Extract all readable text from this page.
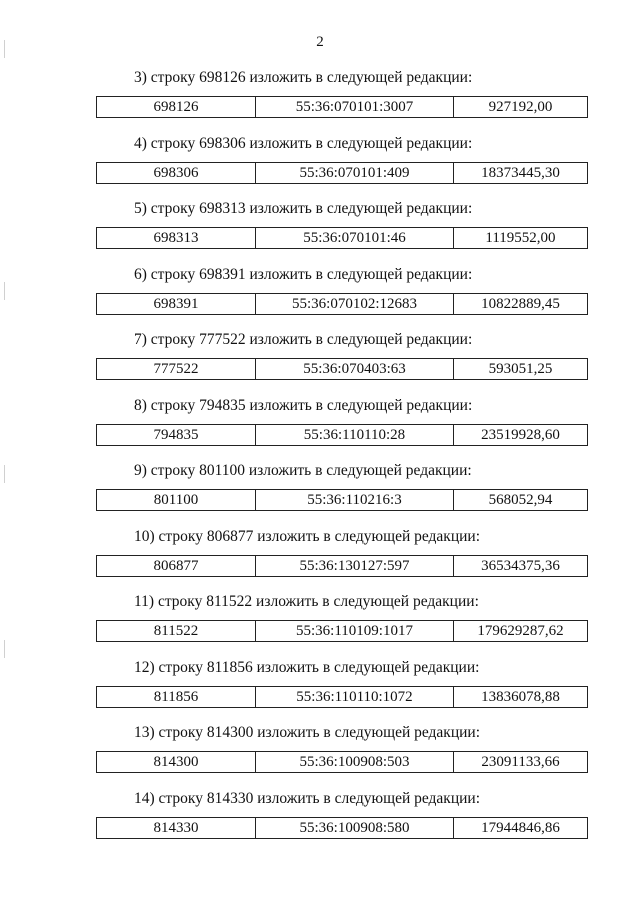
2
3) строку 698126 изложить в следующей редакции:
698126	55:36:070101:3007	927192,00
4) строку 698306 изложить в следующей редакции:
698306	55:36:070101:409	18373445,30
5) строку 698313 изложить в следующей редакции:
698313	55:36:070101:46	1119552,00
6) строку 698391 изложить в следующей редакции:
698391	55:36:070102:12683	10822889,45
7) строку 777522 изложить в следующей редакции:
777522	55:36:070403:63	593051,25
8) строку 794835 изложить в следующей редакции:
794835	55:36:110110:28	23519928,60
9) строку 801100 изложить в следующей редакции:
801100	55:36:110216:3	568052,94
10) строку 806877 изложить в следующей редакции:
806877	55:36:130127:597	36534375,36
11) строку 811522 изложить в следующей редакции:
811522	55:36:110109:1017	179629287,62
12) строку 811856 изложить в следующей редакции:
811856	55:36:110110:1072	13836078,88
13) строку 814300 изложить в следующей редакции:
814300	55:36:100908:503	23091133,66
14) строку 814330 изложить в следующей редакции:
814330	55:36:100908:580	17944846,86
